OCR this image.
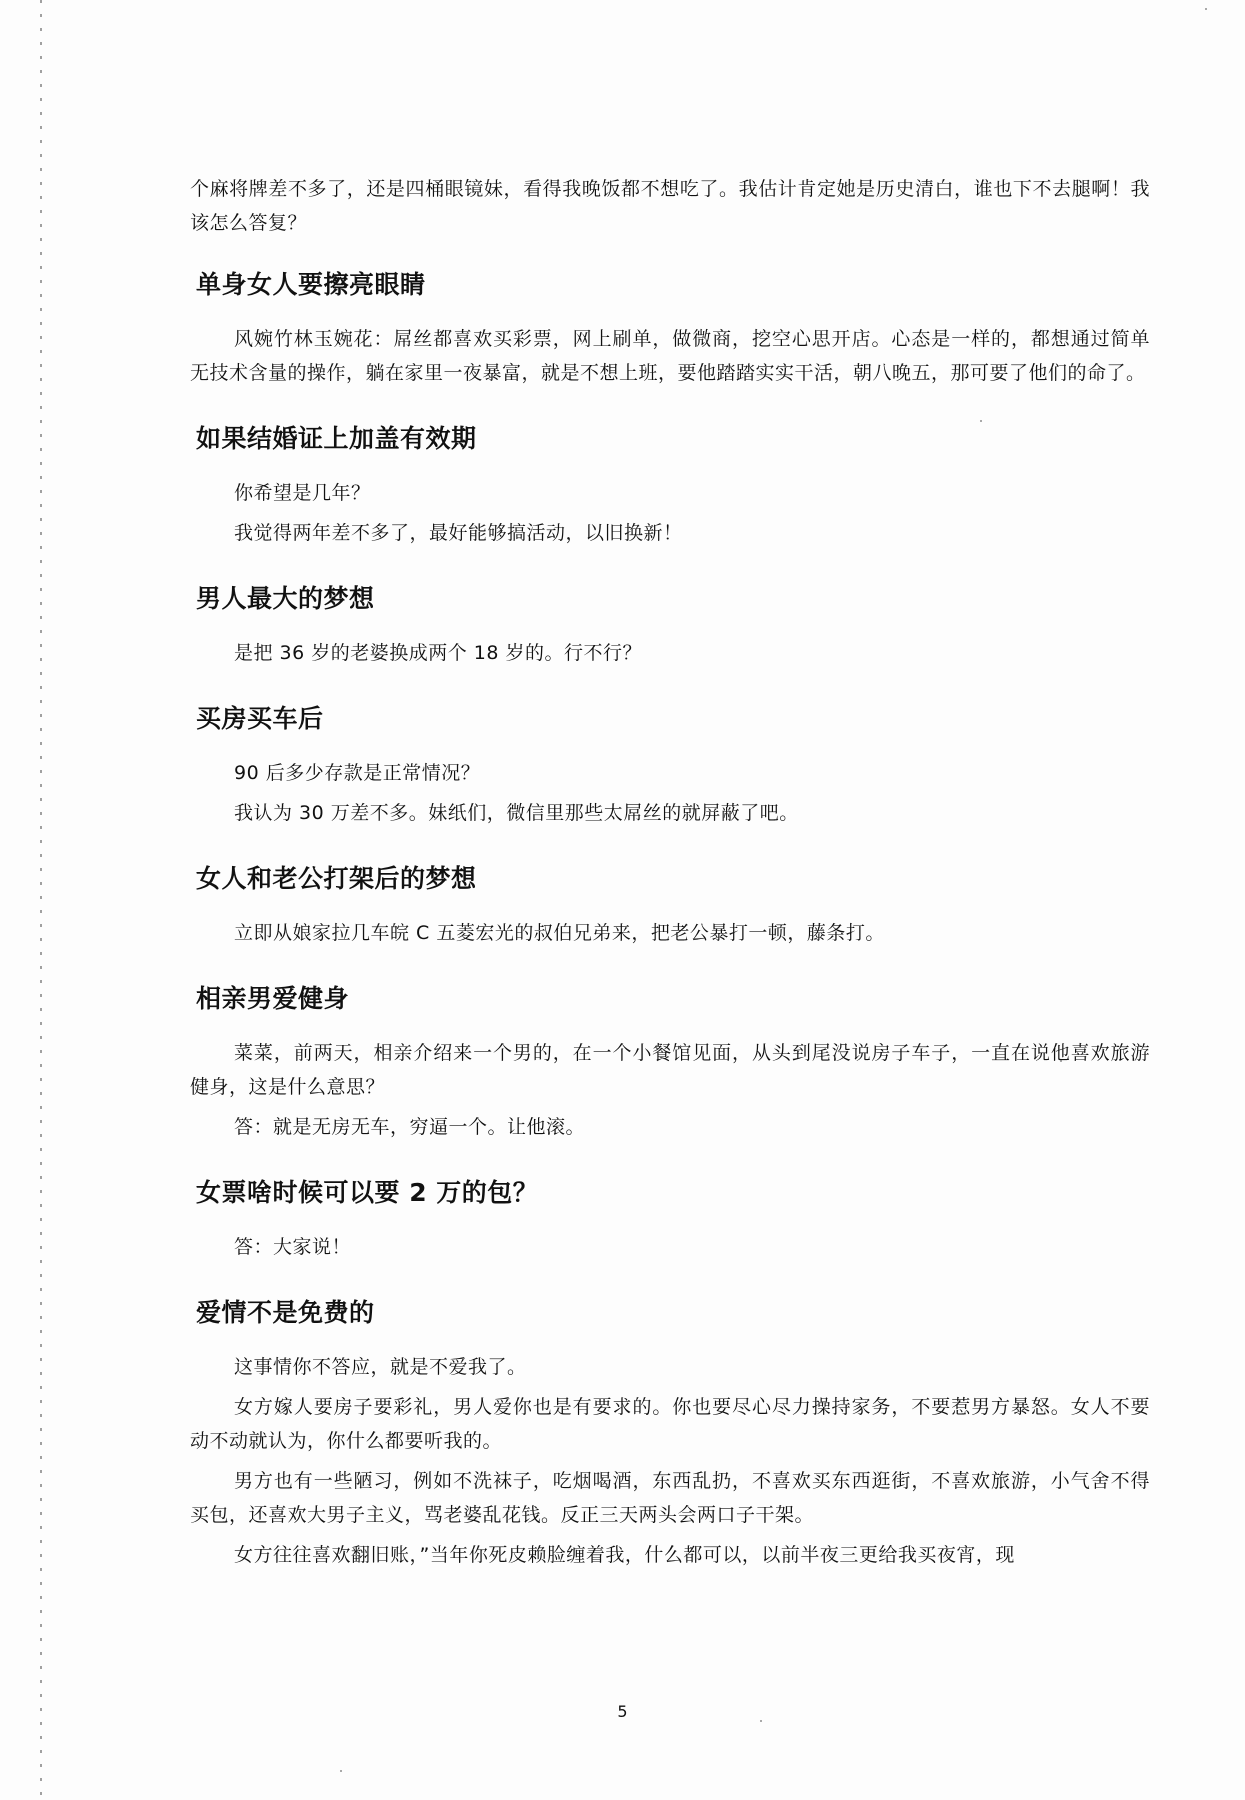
个麻将牌差不多了，还是四桶眼镜妹，看得我晚饭都不想吃了。我估计肯定她是历史清白，谁也下不去腿啊！我该怎么答复？

单身女人要擦亮眼睛

风婉竹林玉婉花：屌丝都喜欢买彩票，网上刷单，做微商，挖空心思开店。心态是一样的，都想通过简单无技术含量的操作，躺在家里一夜暴富，就是不想上班，要他踏踏实实干活，朝八晚五，那可要了他们的命了。

如果结婚证上加盖有效期

你希望是几年？

我觉得两年差不多了，最好能够搞活动，以旧换新！

男人最大的梦想

是把 36 岁的老婆换成两个 18 岁的。行不行？

买房买车后

90 后多少存款是正常情况？

我认为 30 万差不多。妹纸们，微信里那些太屌丝的就屏蔽了吧。

女人和老公打架后的梦想

立即从娘家拉几车皖 C 五菱宏光的叔伯兄弟来，把老公暴打一顿，藤条打。

相亲男爱健身

菜菜，前两天，相亲介绍来一个男的，在一个小餐馆见面，从头到尾没说房子车子，一直在说他喜欢旅游健身，这是什么意思？

答：就是无房无车，穷逼一个。让他滚。

女票啥时候可以要 2 万的包？

答：大家说！

爱情不是免费的

这事情你不答应，就是不爱我了。

女方嫁人要房子要彩礼，男人爱你也是有要求的。你也要尽心尽力操持家务，不要惹男方暴怒。女人不要动不动就认为，你什么都要听我的。

男方也有一些陋习，例如不洗袜子，吃烟喝酒，东西乱扔，不喜欢买东西逛街，不喜欢旅游，小气舍不得买包，还喜欢大男子主义，骂老婆乱花钱。反正三天两头会两口子干架。

女方往往喜欢翻旧账，”当年你死皮赖脸缠着我，什么都可以，以前半夜三更给我买夜宵，现

5
